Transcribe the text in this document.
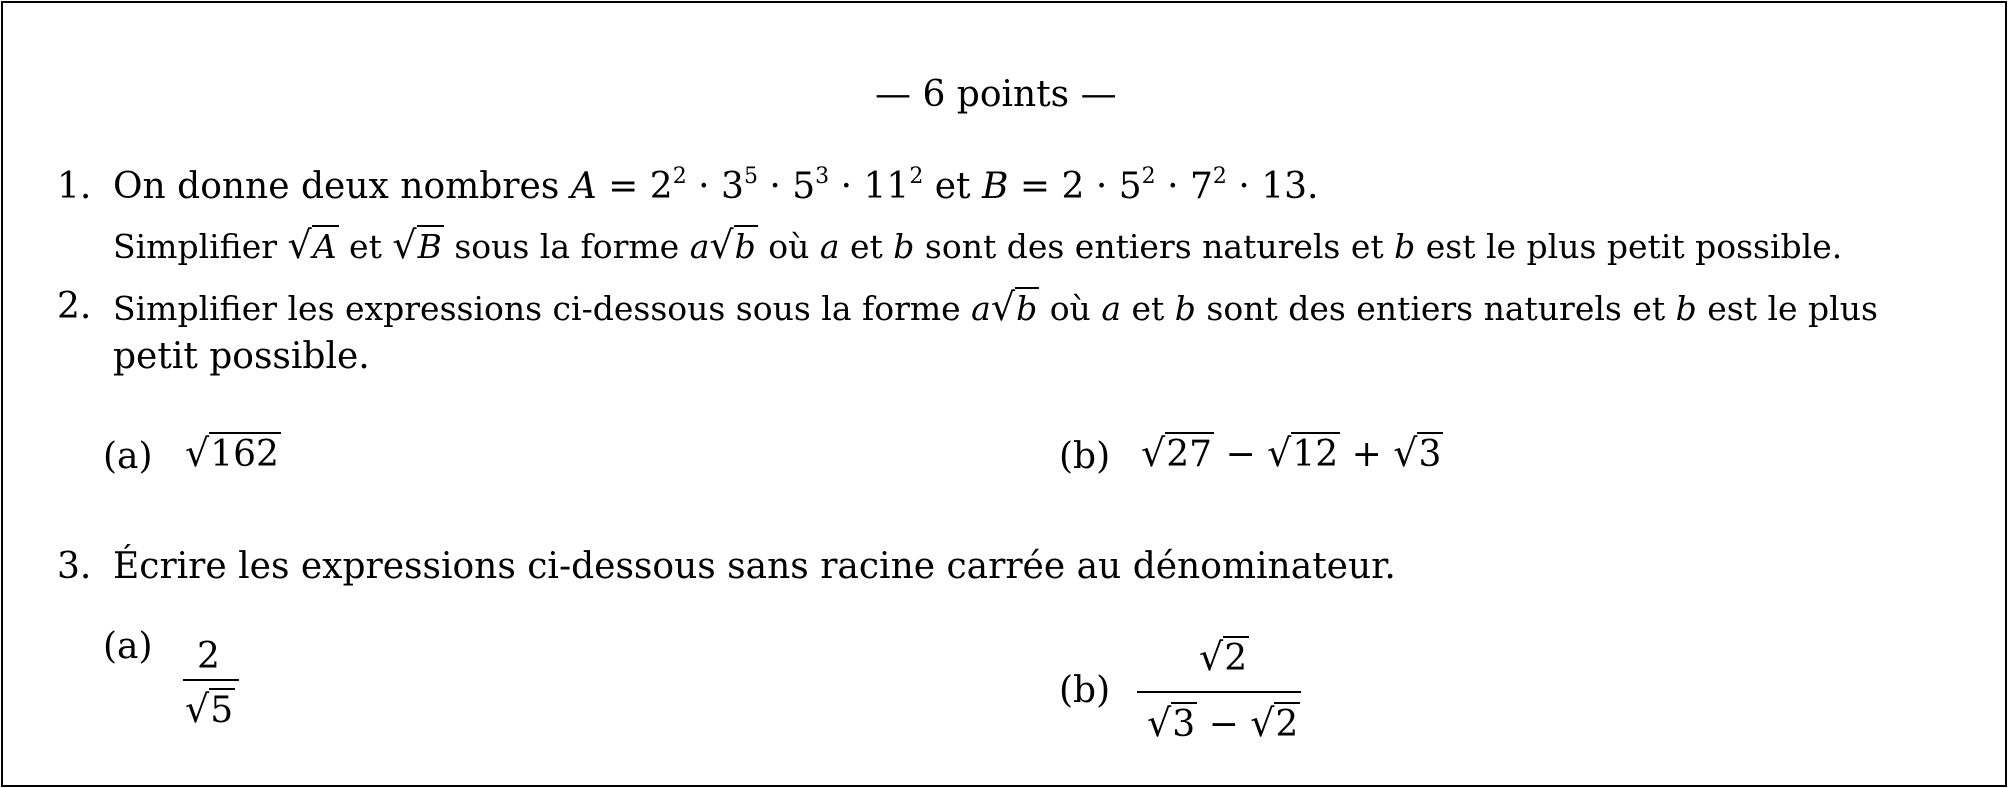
— 6 points —
1. On donne deux nombres $A = 2^2 \cdot 3^5 \cdot 5^3 \cdot 11^2$ et $B = 2 \cdot 5^2 \cdot 7^2 \cdot 13$.
Simplifier √A et √B sous la forme a√b où a et b sont des entiers naturels et b est le plus petit possible.
2. Simplifier les expressions ci-dessous sous la forme a√b où a et b sont des entiers naturels et b est le plus
petit possible.
(a) √162	(b) √27 − √12 + √3
3. Écrire les expressions ci-dessous sans racine carrée au dénominateur.
(a) 2
√5	(b)
√2
√3 − √2
